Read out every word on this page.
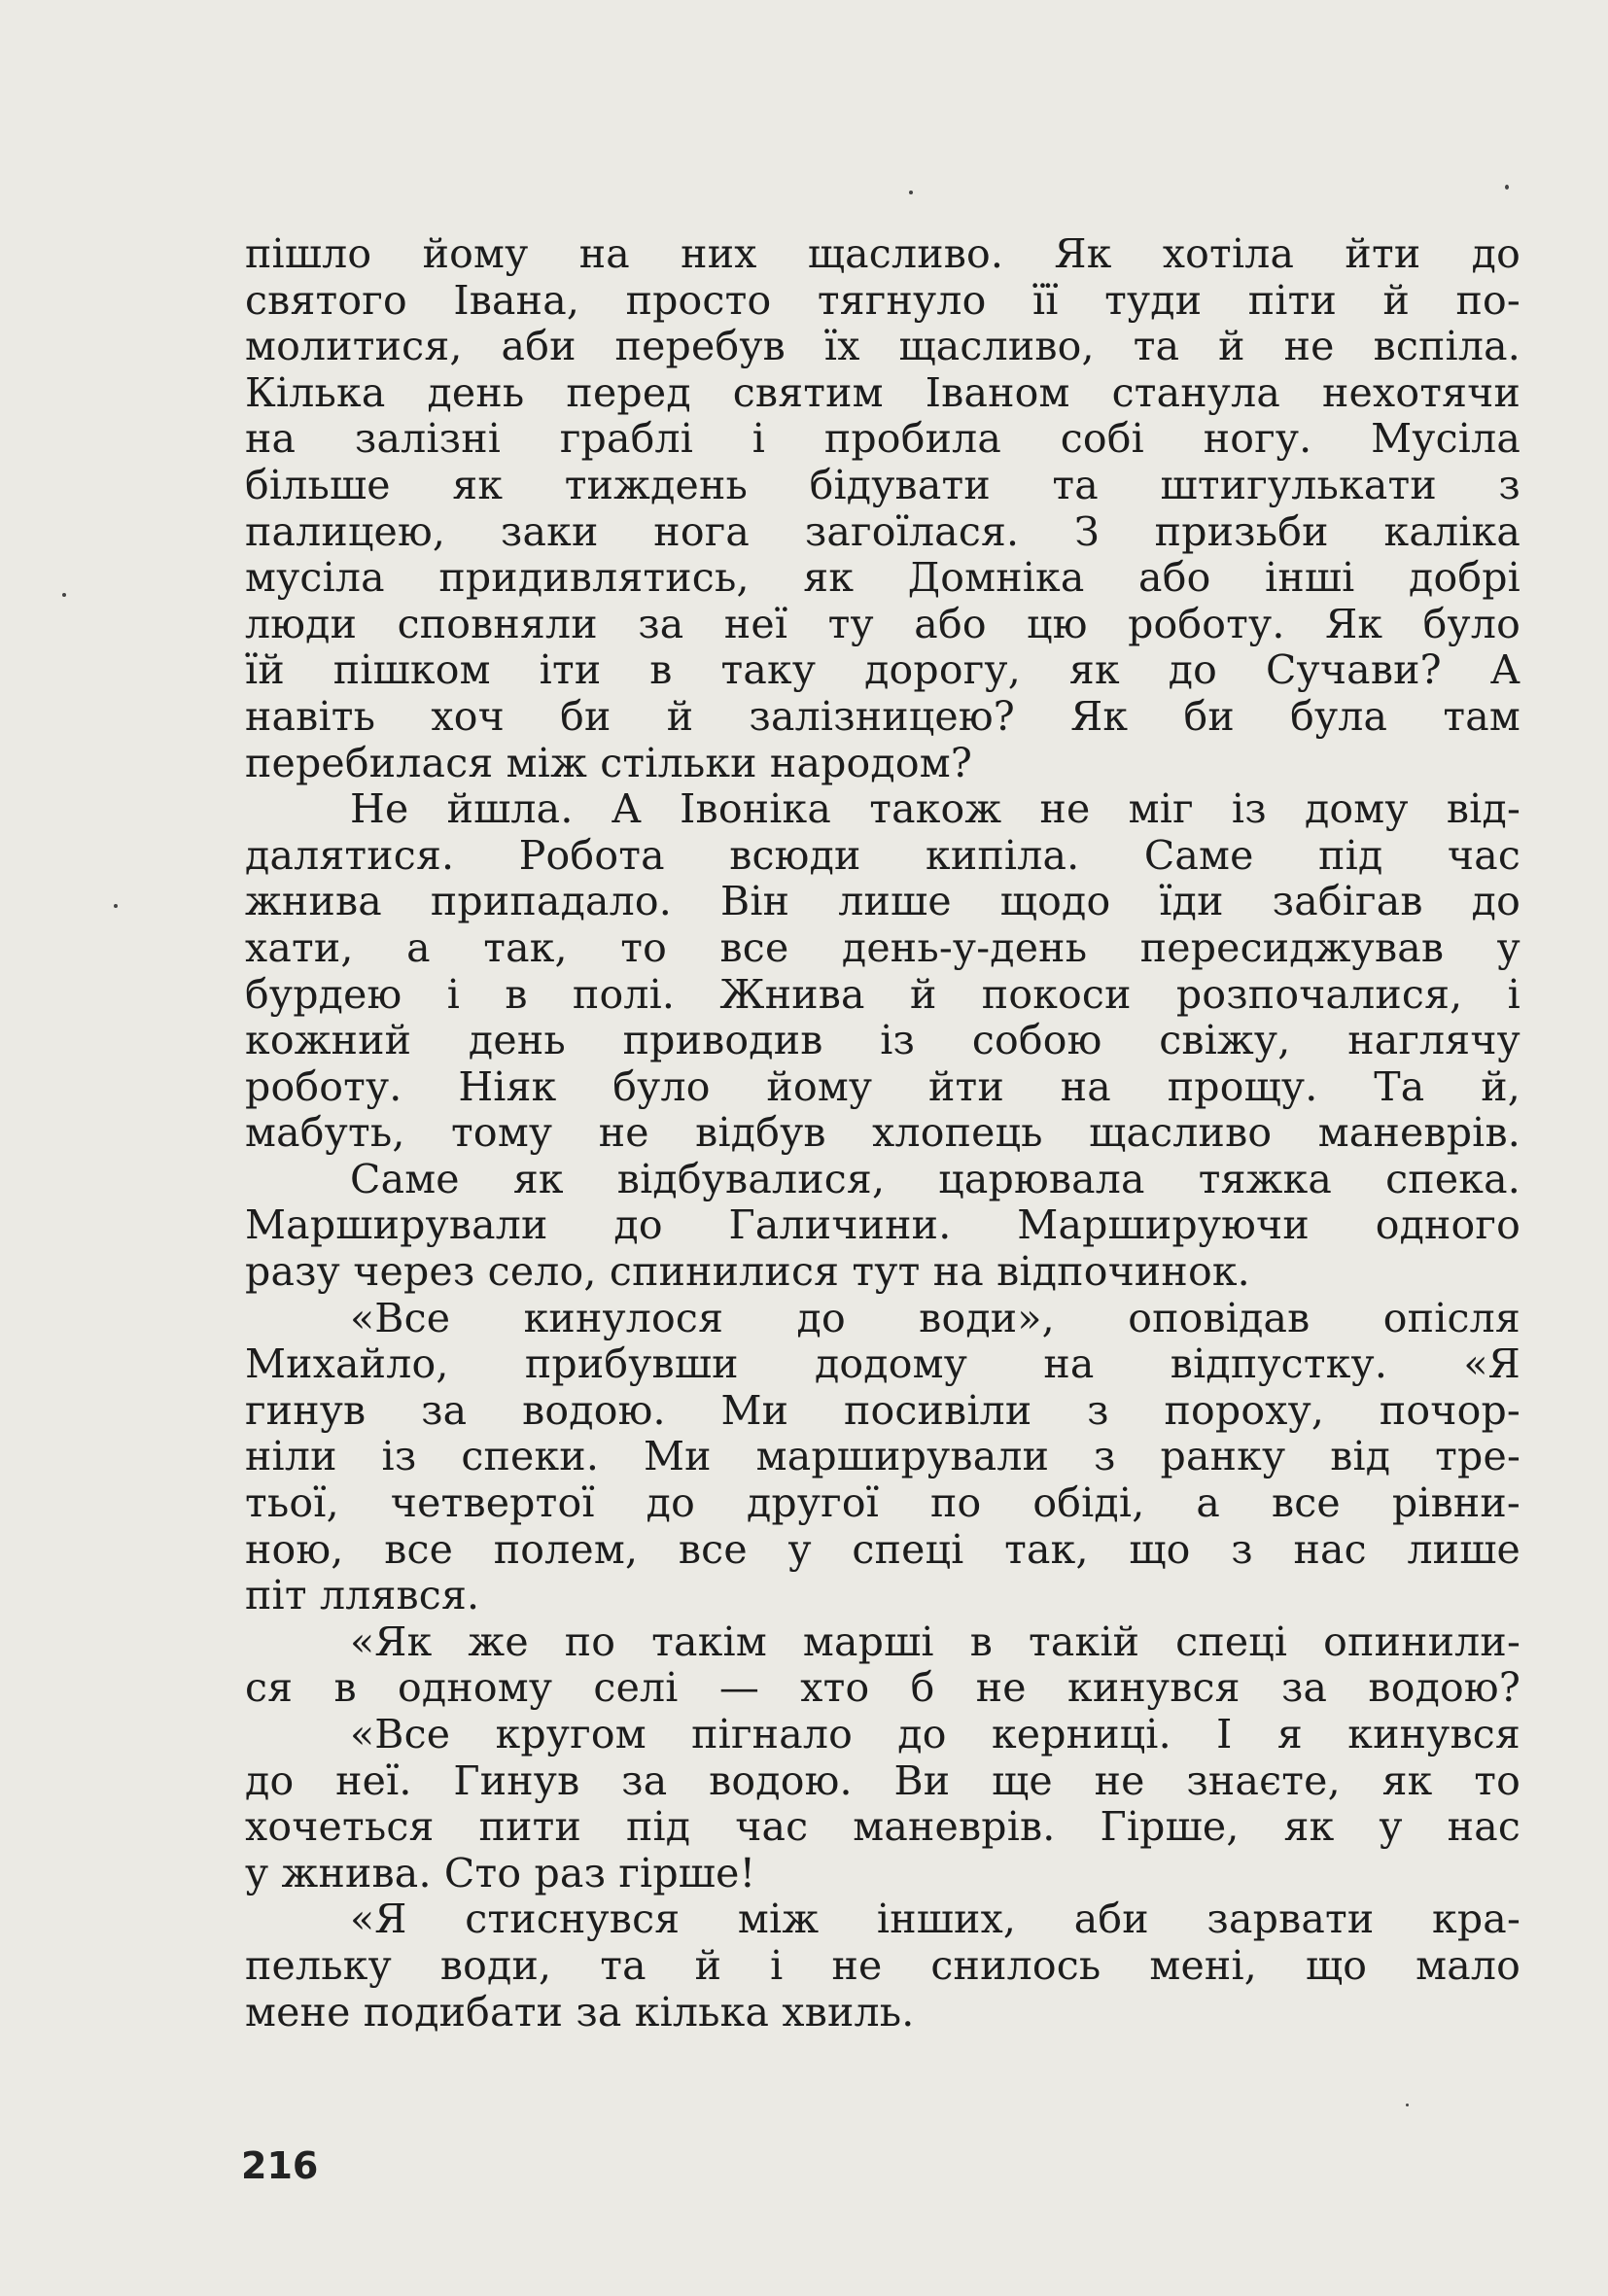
пішло йому на них щасливо. Як хотіла йти до
святого Івана, просто тягнуло її туди піти й по-
молитися, аби перебув їх щасливо, та й не вспіла.
Кілька день перед святим Іваном станула нехотячи
на залізні граблі і пробила собі ногу. Мусіла
більше як тиждень бідувати та штигулькати з
палицею, заки нога загоїлася. З призьби каліка
мусіла придивлятись, як Домніка або інші добрі
люди сповняли за неї ту або цю роботу. Як було
їй пішком іти в таку дорогу, як до Сучави? А
навіть хоч би й залізницею? Як би була там
перебилася між стільки народом?
Не йшла. А Івоніка також не міг із дому від-
далятися. Робота всюди кипіла. Саме під час
жнива припадало. Він лише щодо їди забігав до
хати, а так, то все день-у-день пересиджував у
бурдею і в полі. Жнива й покоси розпочалися, і
кожний день приводив із собою свіжу, наглячу
роботу. Ніяк було йому йти на прощу. Та й,
мабуть, тому не відбув хлопець щасливо маневрів.
Саме як відбувалися, царювала тяжка спека.
Марширували до Галичини. Маршируючи одного
разу через село, спинилися тут на відпочинок.
«Все кинулося до води», оповідав опісля
Михайло, прибувши додому на відпустку. «Я
гинув за водою. Ми посивіли з пороху, почор-
ніли із спеки. Ми марширували з ранку від тре-
тьої, четвертої до другої по обіді, а все рівни-
ною, все полем, все у спеці так, що з нас лише
піт ллявся.
«Як же по такім марші в такій спеці опинили-
ся в одному селі — хто б не кинувся за водою?
«Все кругом пігнало до керниці. І я кинувся
до неї. Гинув за водою. Ви ще не знаєте, як то
хочеться пити під час маневрів. Гірше, як у нас
у жнива. Сто раз гірше!
«Я стиснувся між інших, аби зарвати кра-
пельку води, та й і не снилось мені, що мало
мене подибати за кілька хвиль.
216
